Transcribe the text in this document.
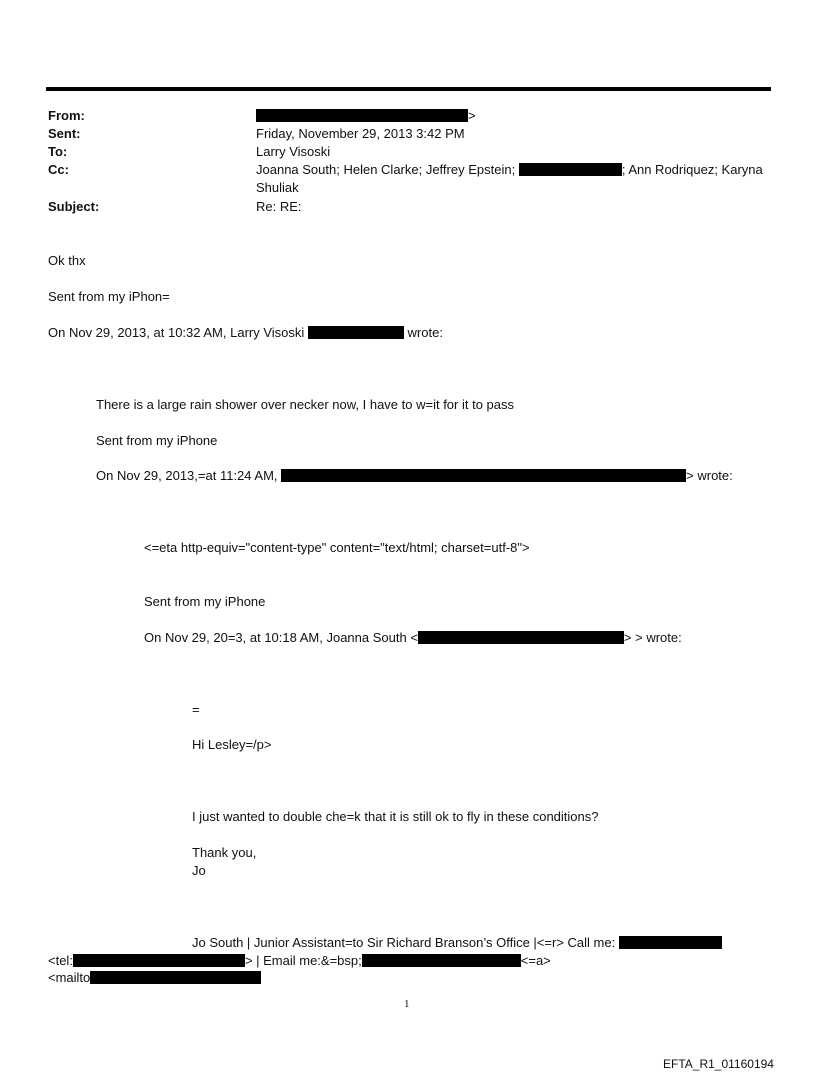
From:	>
Sent:	Friday, November 29, 2013 3:42 PM
To:	Larry Visoski
Cc:	Joanna South; Helen Clarke; Jeffrey Epstein;	; Ann Rodriquez; Karyna
Shuliak
Subject:	Re: RE:
Ok thx
Sent from my iPhon=
On Nov 29, 2013, at 10:32 AM, Larry Visoski	wrote:
There is a large rain shower over necker now, I have to w=it for it to pass
Sent from my iPhone
On Nov 29, 2013,=at 11:24 AM,	> wrote:
<=eta http-equiv="content-type" content="text/html; charset=utf-8">
Sent from my iPhone
On Nov 29, 20=3, at 10:18 AM, Joanna South <	> > wrote:
=
Hi Lesley=/p>
I just wanted to double che=k that it is still ok to fly in these conditions?
Thank you,
Jo
Jo South | Junior Assistant=to Sir Richard Branson’s Office |<=r> Call me:
<tel:	> | Email me:&=bsp;	<=a>
<mailto
1
EFTA_R1_01160194
